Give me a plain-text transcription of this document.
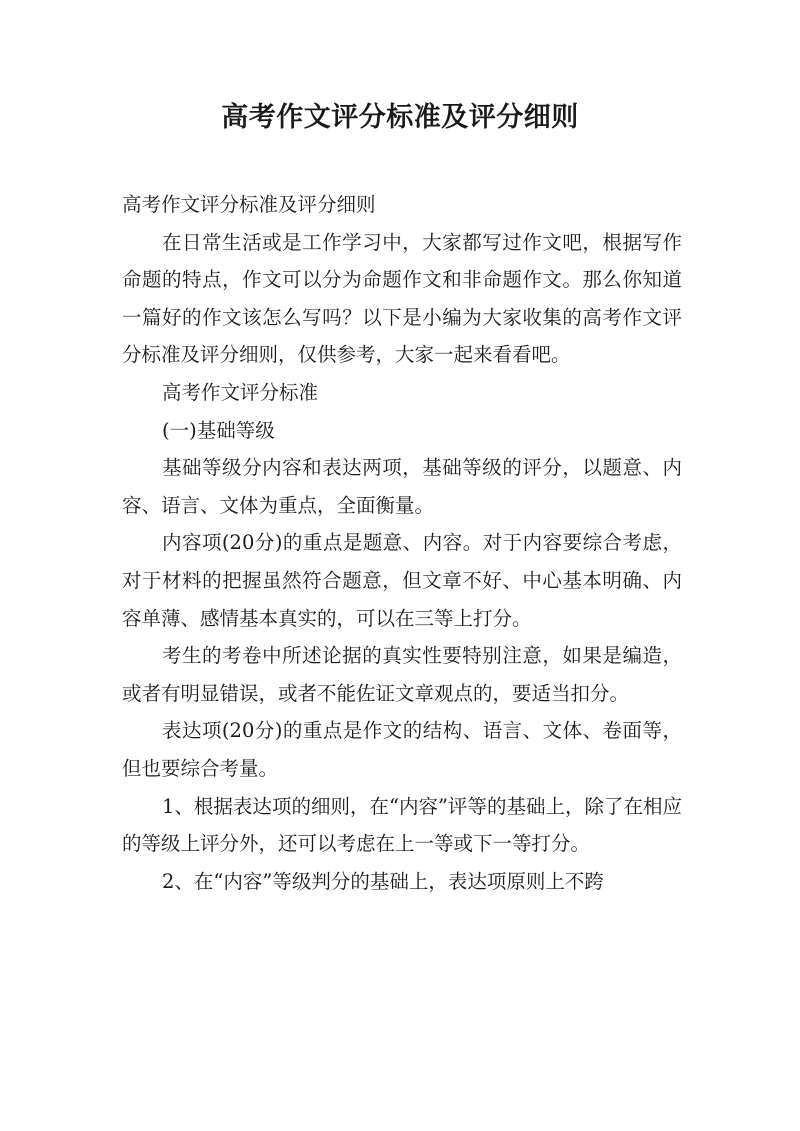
高考作文评分标准及评分细则

高考作文评分标准及评分细则

在日常生活或是工作学习中，大家都写过作文吧，根据写作命题的特点，作文可以分为命题作文和非命题作文。那么你知道一篇好的作文该怎么写吗？以下是小编为大家收集的高考作文评分标准及评分细则，仅供参考，大家一起来看看吧。

高考作文评分标准

(一)基础等级

基础等级分内容和表达两项，基础等级的评分，以题意、内容、语言、文体为重点，全面衡量。

内容项(20分)的重点是题意、内容。对于内容要综合考虑，对于材料的把握虽然符合题意，但文章不好、中心基本明确、内容单薄、感情基本真实的，可以在三等上打分。

考生的考卷中所述论据的真实性要特别注意，如果是编造，或者有明显错误，或者不能佐证文章观点的，要适当扣分。

表达项(20分)的重点是作文的结构、语言、文体、卷面等，但也要综合考量。

1、根据表达项的细则，在“内容”评等的基础上，除了在相应的等级上评分外，还可以考虑在上一等或下一等打分。

2、在“内容”等级判分的基础上，表达项原则上不跨
